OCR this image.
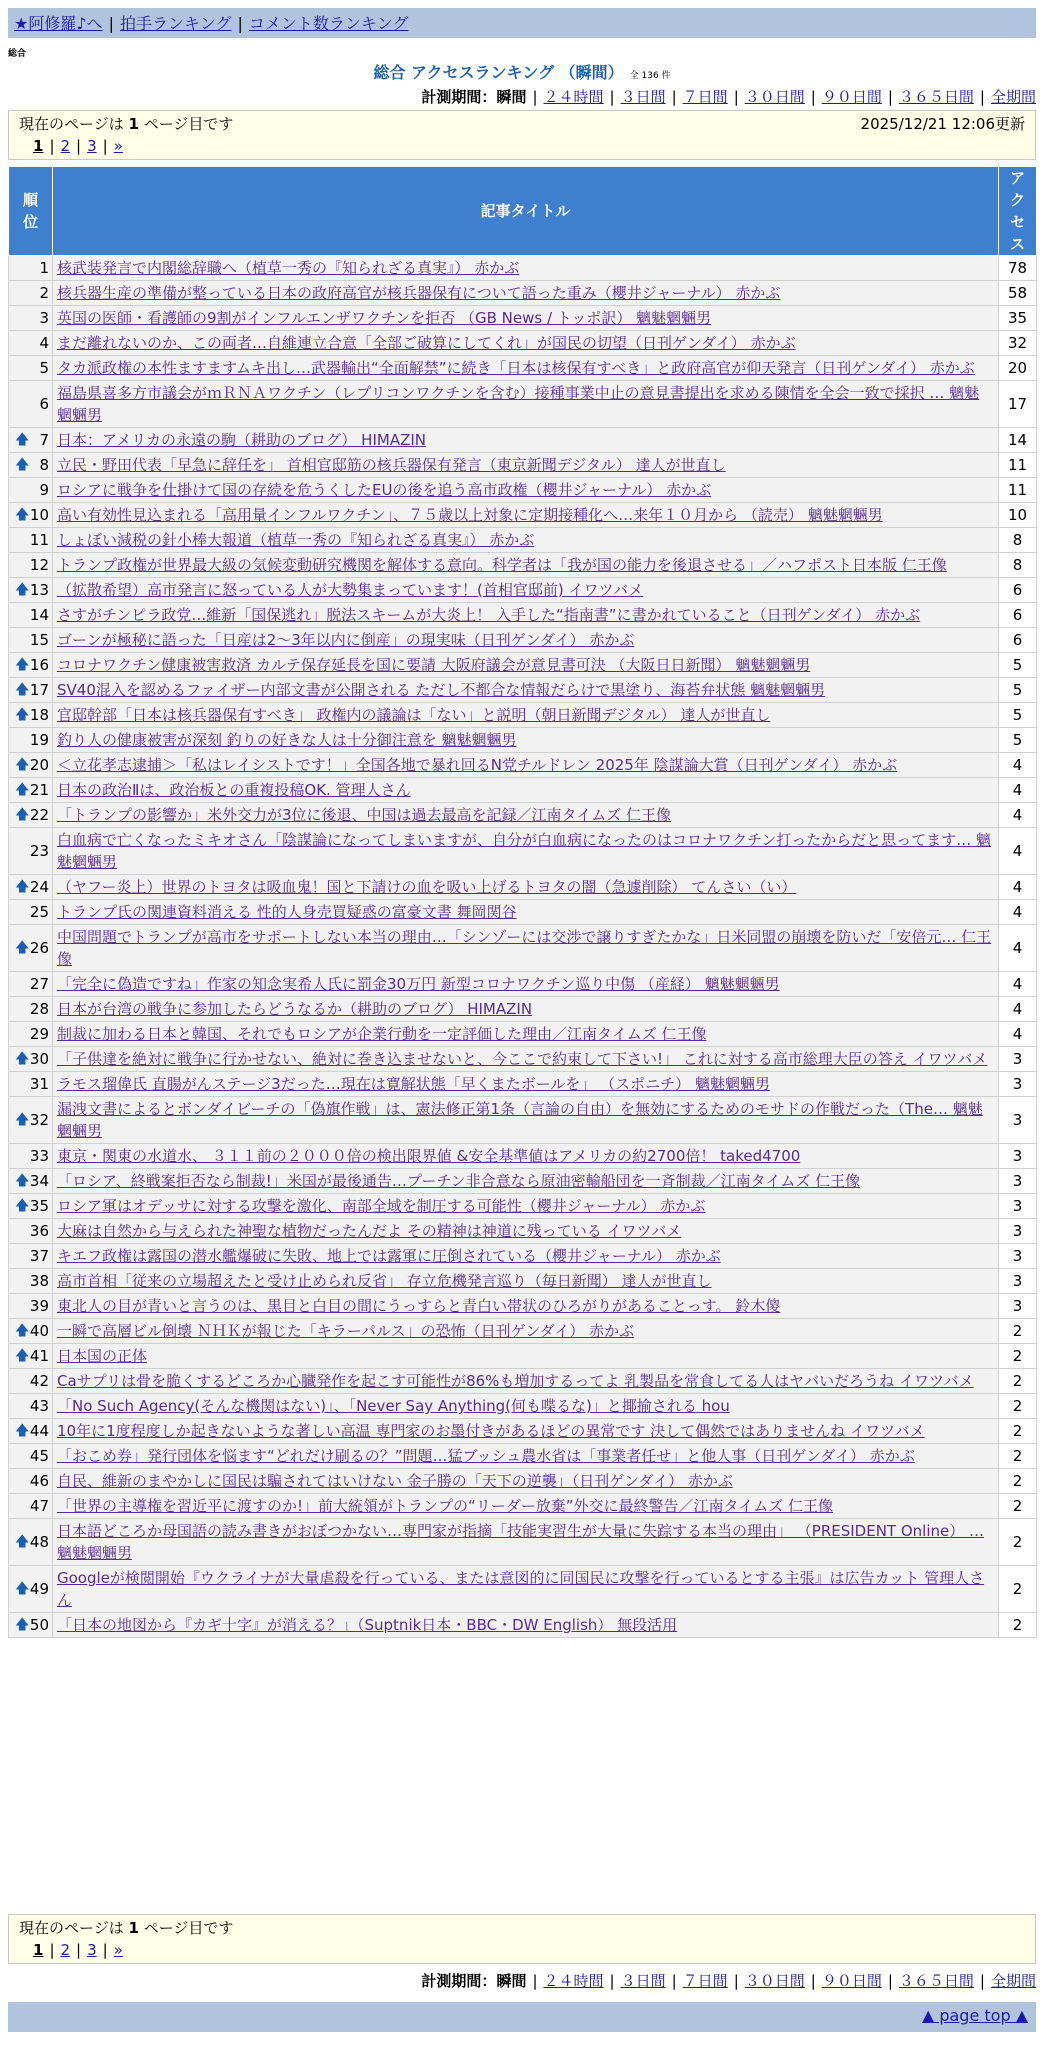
★阿修羅♪へ | 拍手ランキング | コメント数ランキング
総合
総合 アクセスランキング （瞬間） 全 136 件
計測期間：瞬間 | ２４時間 | ３日間 | ７日間 | ３０日間 | ９０日間 | ３６５日間 | 全期間
現在のページは 1 ページ目です	2025/12/21 12:06更新
1 | 2 | 3 | »
順位	記事タイトル	アクセス
1	核武装発言で内閣総辞職へ（植草一秀の『知られざる真実』） 赤かぶ	78
2	核兵器生産の準備が整っている日本の政府高官が核兵器保有について語った重み（櫻井ジャーナル） 赤かぶ	58
3	英国の医師・看護師の9割がインフルエンザワクチンを拒否 （GB News / トッポ訳） 魑魅魍魎男	35
4	まだ離れないのか、この両者…自維連立合意「全部ご破算にしてくれ」が国民の切望（日刊ゲンダイ） 赤かぶ	32
5	タカ派政権の本性ますますムキ出し…武器輸出“全面解禁”に続き「日本は核保有すべき」と政府高官が仰天発言（日刊ゲンダイ） 赤かぶ	20
6	福島県喜多方市議会がｍＲＮＡワクチン（レプリコンワクチンを含む）接種事業中止の意見書提出を求める陳情を全会一致で採択 … 魑魅魍魎男	17

🡅 7	日本：アメリカの永遠の駒（耕助のブログ） HIMAZIN	14

🡅 8	立民・野田代表「早急に辞任を」 首相官邸筋の核兵器保有発言（東京新聞デジタル） 達人が世直し	11
9	ロシアに戦争を仕掛けて国の存続を危うくしたEUの後を追う高市政権（櫻井ジャーナル） 赤かぶ	11

🡅 10	高い有効性見込まれる「高用量インフルワクチン」、７５歳以上対象に定期接種化へ…来年１０月から （読売） 魑魅魍魎男	10
11	しょぼい減税の針小棒大報道（植草一秀の『知られざる真実』） 赤かぶ	8
12	トランプ政権が世界最大級の気候変動研究機関を解体する意向。科学者は「我が国の能力を後退させる」／ハフポスト日本版 仁王像	8

🡅 13	（拡散希望）高市発言に怒っている人が大勢集まっています！(首相官邸前) イワツバメ	6
14	さすがチンピラ政党…維新「国保逃れ」脱法スキームが大炎上！ 入手した“指南書”に書かれていること（日刊ゲンダイ） 赤かぶ	6
15	ゴーンが極秘に語った「日産は2～3年以内に倒産」の現実味（日刊ゲンダイ） 赤かぶ	6

🡅 16	コロナワクチン健康被害救済 カルテ保存延長を国に要請 大阪府議会が意見書可決 （大阪日日新聞） 魑魅魍魎男	5

🡅 17	SV40混入を認めるファイザー内部文書が公開される ただし不都合な情報だらけで黒塗り、海苔弁状態 魑魅魍魎男	5

🡅 18	官邸幹部「日本は核兵器保有すべき」 政権内の議論は「ない」と説明（朝日新聞デジタル） 達人が世直し	5
19	釣り人の健康被害が深刻 釣りの好きな人は十分御注意を 魑魅魍魎男	5

🡅 20	＜立花孝志逮捕＞「私はレイシストです！」全国各地で暴れ回るN党チルドレン 2025年 陰謀論大賞（日刊ゲンダイ） 赤かぶ	4

🡅 21	日本の政治Ⅱは、政治板との重複投稿OK. 管理人さん	4

🡅 22	「トランプの影響か」米外交力が3位に後退、中国は過去最高を記録／江南タイムズ 仁王像	4
23	白血病で亡くなったミキオさん「陰謀論になってしまいますが、自分が白血病になったのはコロナワクチン打ったからだと思ってます… 魑魅魍魎男	4

🡅 24	（ヤフー炎上）世界のトヨタは吸血鬼！国と下請けの血を吸い上げるトヨタの闇（急遽削除） てんさい（い）	4
25	トランプ氏の関連資料消える 性的人身売買疑惑の富豪文書 舞岡関谷	4

🡅 26	中国問題でトランプが高市をサポートしない本当の理由…「シンゾーには交渉で譲りすぎたかな」日米同盟の崩壊を防いだ「安倍元… 仁王像	4
27	「完全に偽造ですね」作家の知念実希人氏に罰金30万円 新型コロナワクチン巡り中傷 （産経） 魑魅魍魎男	4
28	日本が台湾の戦争に参加したらどうなるか（耕助のブログ） HIMAZIN	4
29	制裁に加わる日本と韓国、それでもロシアが企業行動を一定評価した理由／江南タイムズ 仁王像	4

🡅 30	「子供達を絶対に戦争に行かせない、絶対に巻き込ませないと、今ここで約束して下さい!」 これに対する高市総理大臣の答え イワツバメ	3
31	ラモス瑠偉氏 直腸がんステージ3だった…現在は寛解状態「早くまたボールを」 （スポニチ） 魑魅魍魎男	3

🡅 32	漏洩文書によるとボンダイビーチの「偽旗作戦」は、憲法修正第1条（言論の自由）を無効にするためのモサドの作戦だった（The… 魑魅魍魎男	3
33	東京・関東の水道水、 ３１１前の２０００倍の検出限界値 &安全基準値はアメリカの約2700倍！ taked4700	3

🡅 34	「ロシア、終戦案拒否なら制裁!」米国が最後通告…プーチン非合意なら原油密輸船団を一斉制裁／江南タイムズ 仁王像	3

🡅 35	ロシア軍はオデッサに対する攻撃を激化、南部全域を制圧する可能性（櫻井ジャーナル） 赤かぶ	3
36	大麻は自然から与えられた神聖な植物だったんだよ その精神は神道に残っている イワツバメ	3
37	キエフ政権は露国の潜水艦爆破に失敗、地上では露軍に圧倒されている（櫻井ジャーナル） 赤かぶ	3
38	高市首相「従来の立場超えたと受け止められ反省」 存立危機発言巡り（毎日新聞） 達人が世直し	3
39	東北人の目が青いと言うのは、黒目と白目の間にうっすらと青白い帯状のひろがりがあることっす。 鈴木傻	3

🡅 40	一瞬で高層ビル倒壊 ＮＨＫが報じた「キラーパルス」の恐怖（日刊ゲンダイ） 赤かぶ	2

🡅 41	日本国の正体	2
42	Caサプリは骨を脆くするどころか心臓発作を起こす可能性が86%も増加するってよ 乳製品を常食してる人はヤバいだろうね イワツバメ	2
43	「No Such Agency(そんな機関はない)」、「Never Say Anything(何も喋るな)」と揶揄される hou	2

🡅 44	10年に1度程度しか起きないような著しい高温 専門家のお墨付きがあるほどの異常です 決して偶然ではありませんね イワツバメ	2
45	「おこめ券」発行団体を悩ます“どれだけ刷るの？”問題…猛ブッシュ農水省は「事業者任せ」と他人事（日刊ゲンダイ） 赤かぶ	2
46	自民、維新のまやかしに国民は騙されてはいけない 金子勝の「天下の逆襲」（日刊ゲンダイ） 赤かぶ	2
47	「世界の主導権を習近平に渡すのか!」前大統領がトランプの“リーダー放棄”外交に最終警告／江南タイムズ 仁王像	2

🡅 48	日本語どころか母国語の読み書きがおぼつかない…専門家が指摘「技能実習生が大量に失踪する本当の理由」 （PRESIDENT Online） … 魑魅魍魎男	2

🡅 49	Googleが検閲開始『ウクライナが大量虐殺を行っている、または意図的に同国民に攻撃を行っているとする主張』は広告カット 管理人さん	2

🡅 50	「日本の地図から『カギ十字』が消える？」（Suptnik日本・BBC・DW English） 無段活用	2
現在のページは 1 ページ目です
1 | 2 | 3 | »
計測期間：瞬間 | ２４時間 | ３日間 | ７日間 | ３０日間 | ９０日間 | ３６５日間 | 全期間
▲ page top ▲
